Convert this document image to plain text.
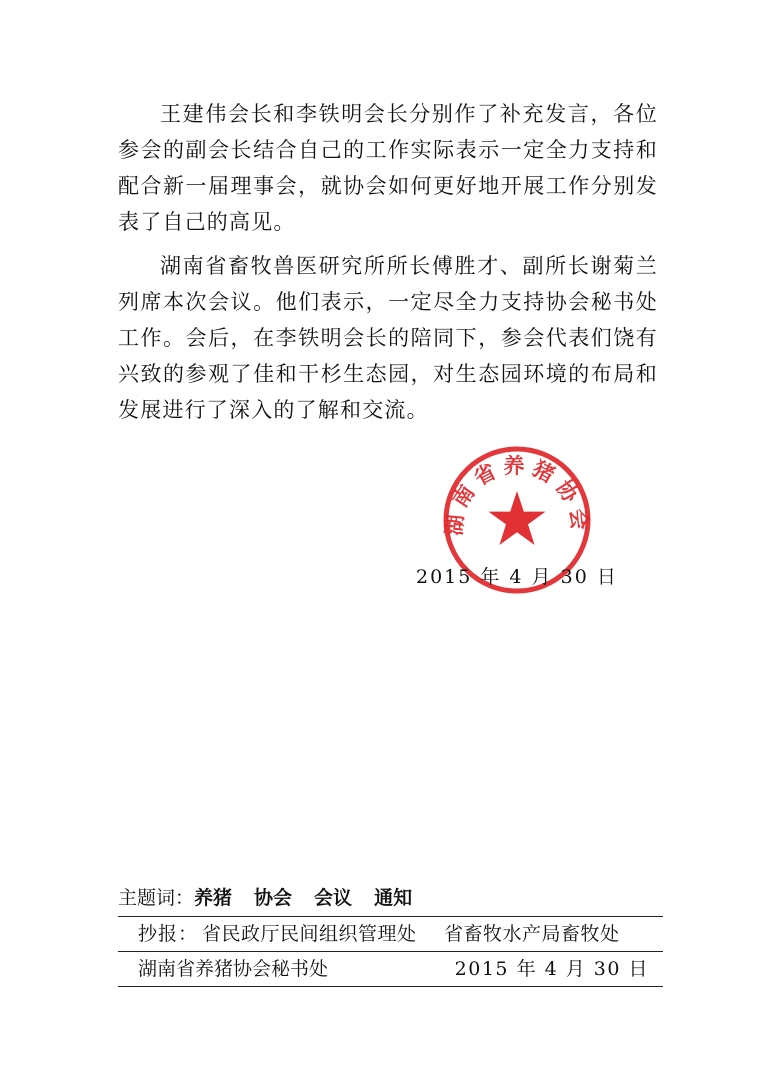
王建伟会长和李铁明会长分别作了补充发言，各位参会的副会长结合自己的工作实际表示一定全力支持和配合新一届理事会，就协会如何更好地开展工作分别发表了自己的高见。

湖南省畜牧兽医研究所所长傅胜才、副所长谢菊兰列席本次会议。他们表示，一定尽全力支持协会秘书处工作。会后，在李铁明会长的陪同下，参会代表们饶有兴致的参观了佳和干杉生态园，对生态园环境的布局和发展进行了深入的了解和交流。

2015 年 4 月 30 日
湖南省养猪协会
主题词：养猪 协会 会议 通知
抄报： 省民政厅民间组织管理处 省畜牧水产局畜牧处
湖南省养猪协会秘书处	2015 年 4 月 30 日
